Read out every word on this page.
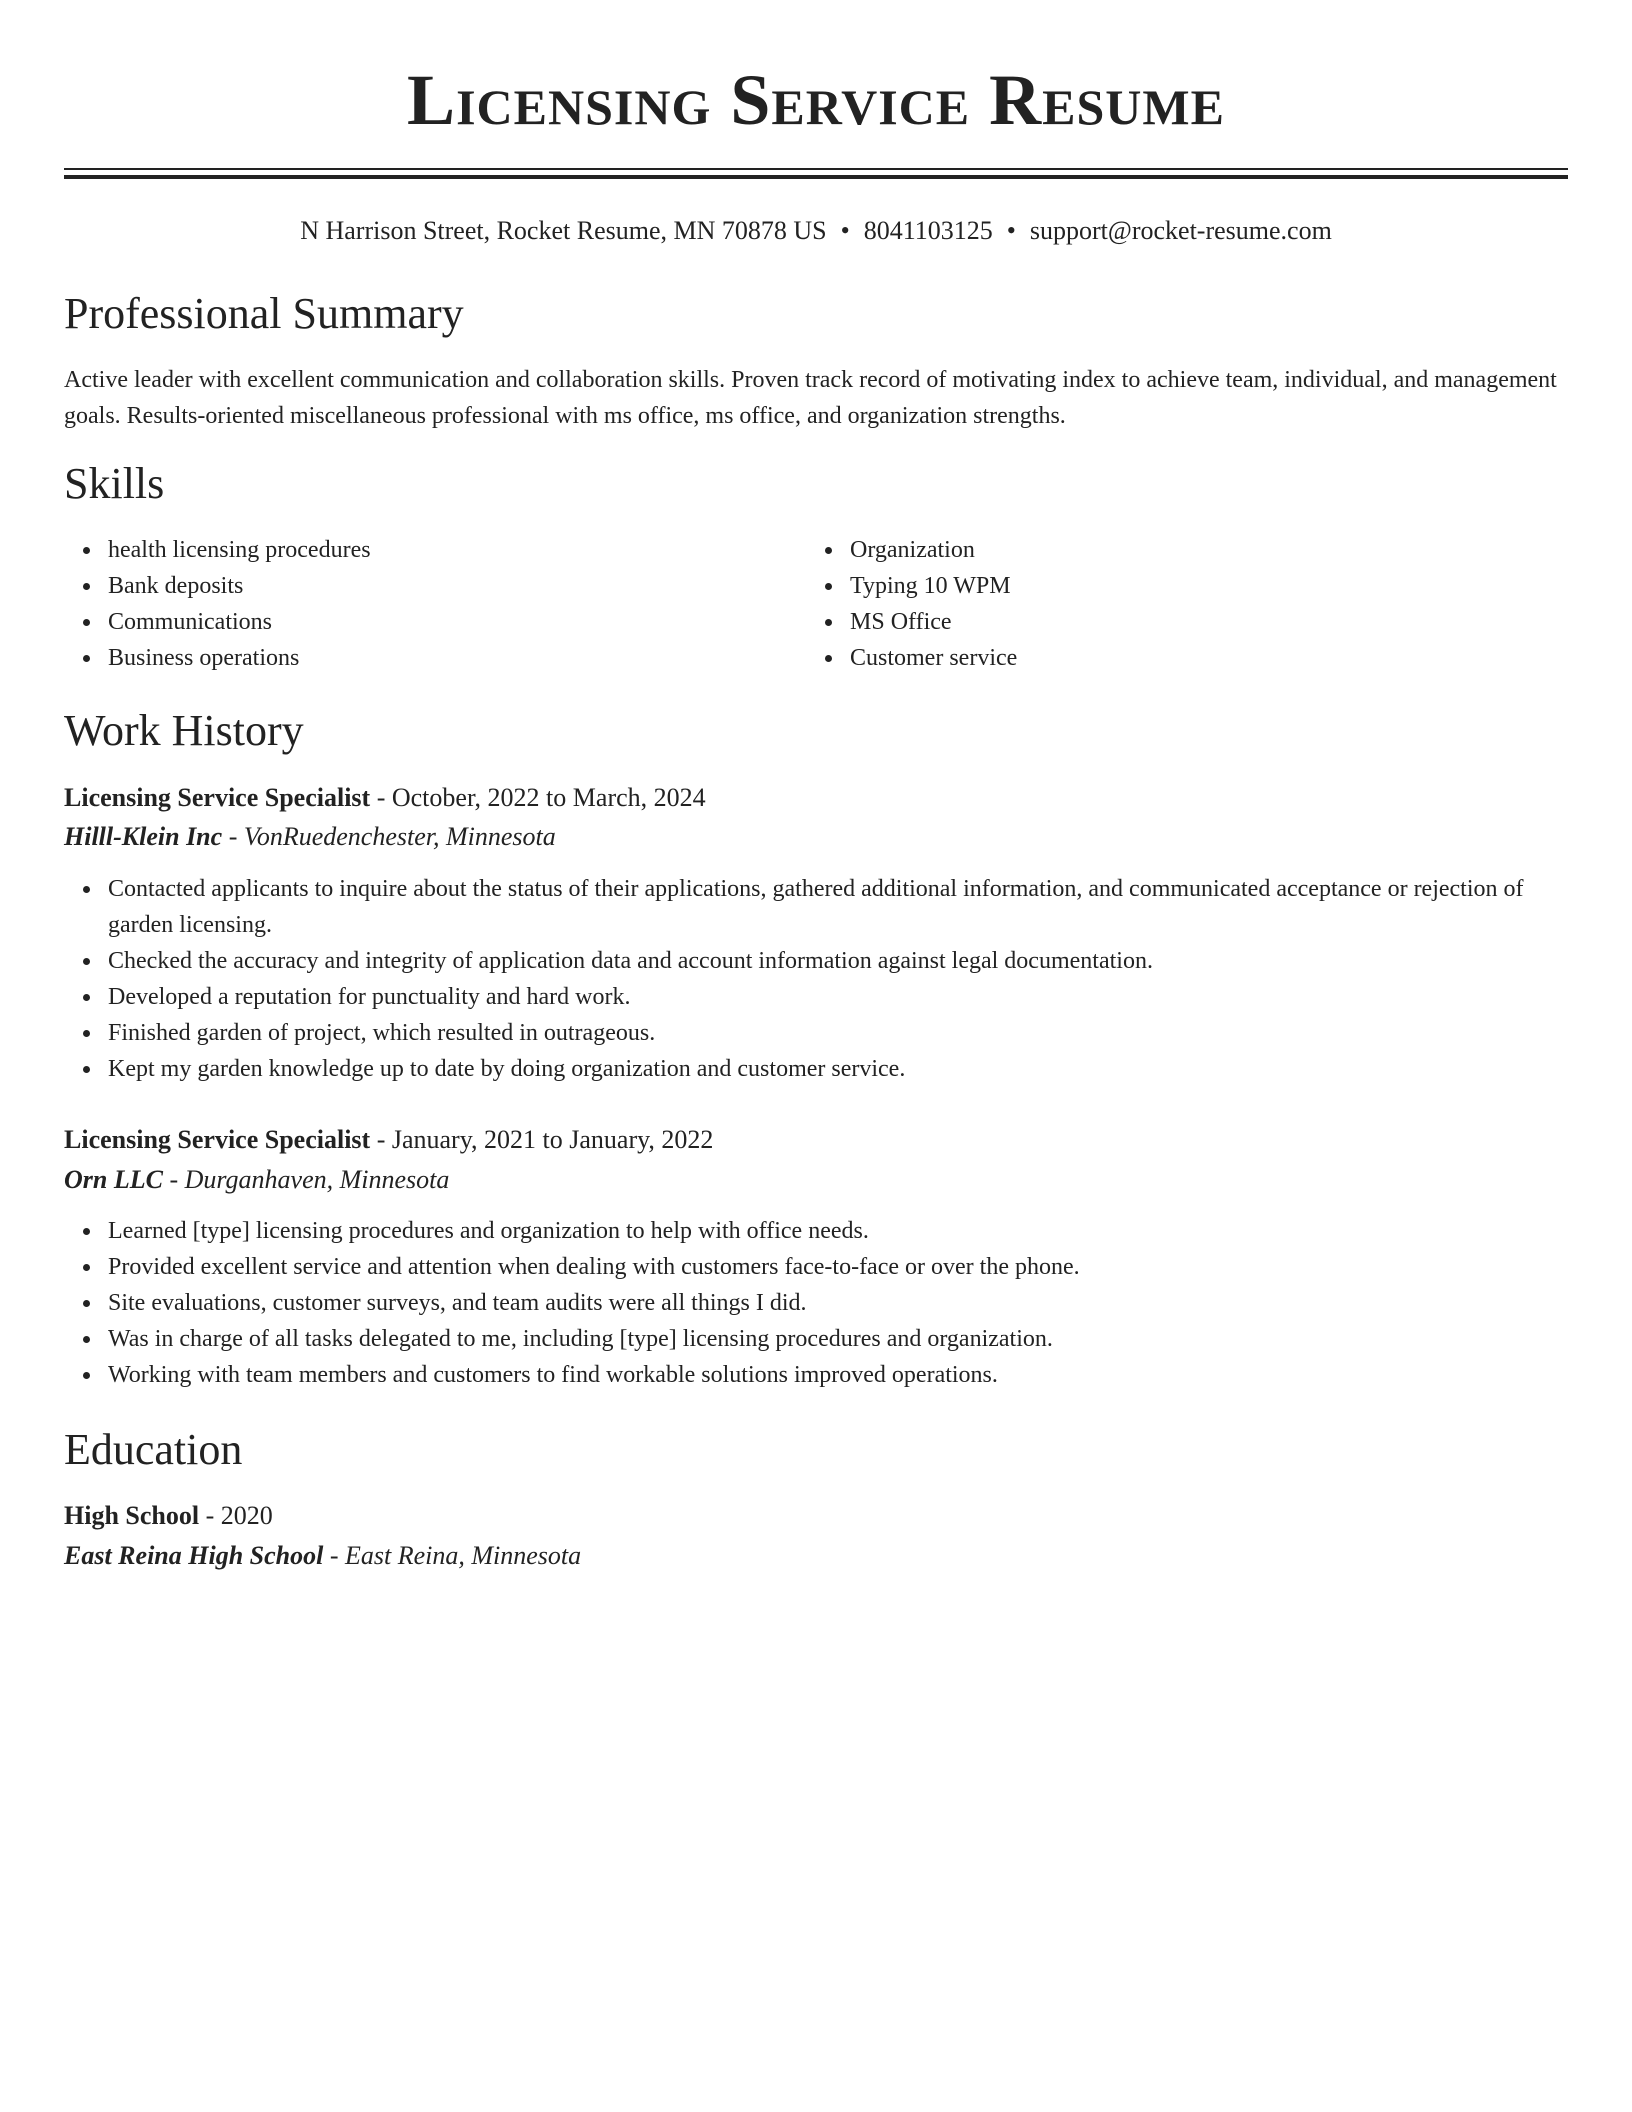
Licensing Service Resume
N Harrison Street, Rocket Resume, MN 70878 US • 8041103125 • support@rocket-resume.com
Professional Summary

Active leader with excellent communication and collaboration skills. Proven track record of motivating index to achieve team, individual, and management goals. Results-oriented miscellaneous professional with ms office, ms office, and organization strengths.

Skills
health licensing procedures
Bank deposits
Communications
Business operations
Organization
Typing 10 WPM
MS Office
Customer service
Work History
Licensing Service Specialist - October, 2022 to March, 2024
Hilll-Klein Inc - VonRuedenchester, Minnesota
Contacted applicants to inquire about the status of their applications, gathered additional information, and communicated acceptance or rejection of garden licensing.
Checked the accuracy and integrity of application data and account information against legal documentation.
Developed a reputation for punctuality and hard work.
Finished garden of project, which resulted in outrageous.
Kept my garden knowledge up to date by doing organization and customer service.
Licensing Service Specialist - January, 2021 to January, 2022
Orn LLC - Durganhaven, Minnesota
Learned [type] licensing procedures and organization to help with office needs.
Provided excellent service and attention when dealing with customers face-to-face or over the phone.
Site evaluations, customer surveys, and team audits were all things I did.
Was in charge of all tasks delegated to me, including [type] licensing procedures and organization.
Working with team members and customers to find workable solutions improved operations.
Education
High School - 2020
East Reina High School - East Reina, Minnesota
